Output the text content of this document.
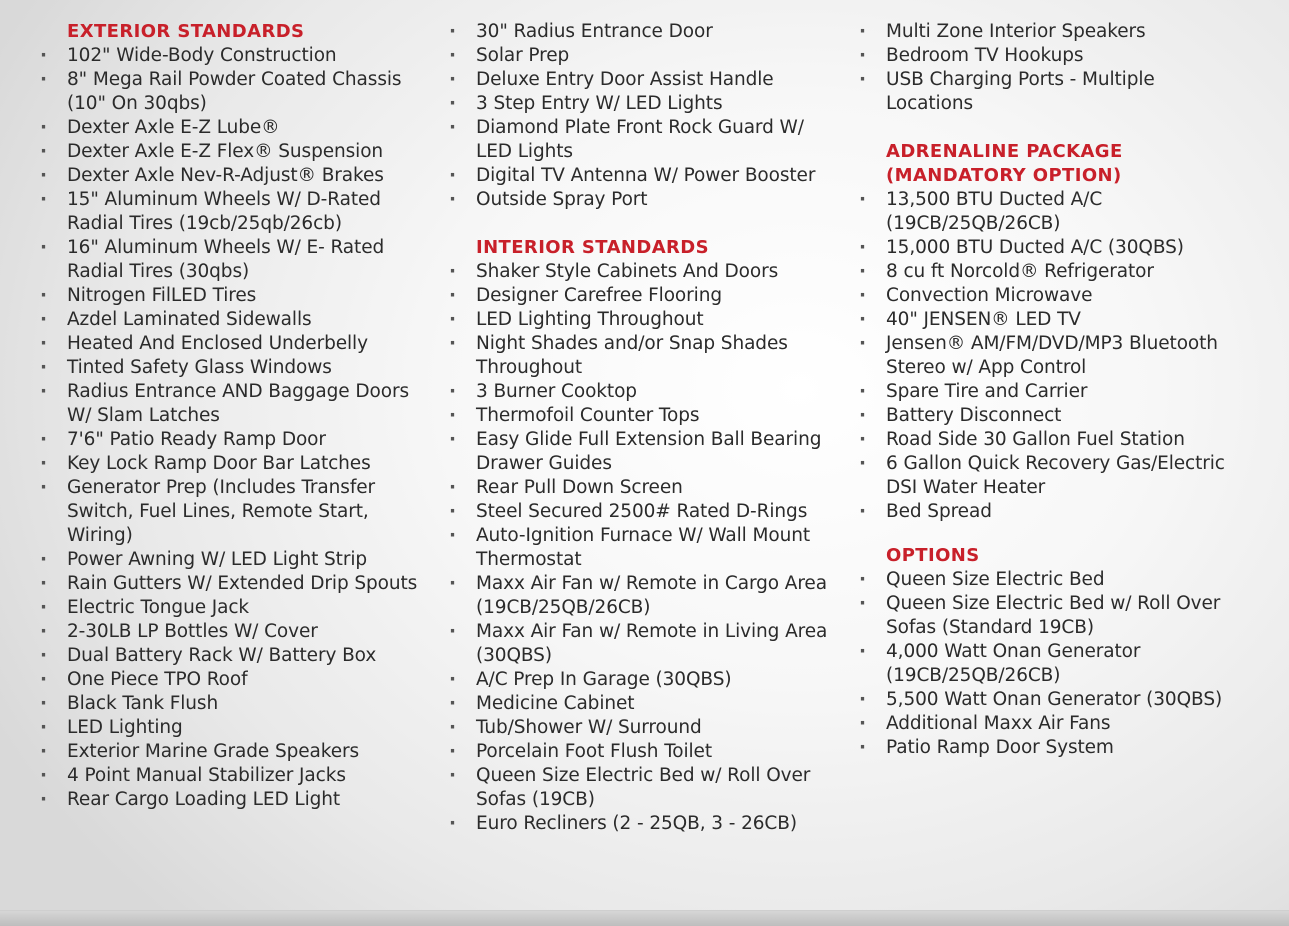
EXTERIOR STANDARDS
· 102" Wide-Body Construction
· 8" Mega Rail Powder Coated Chassis
(10" On 30qbs)
· Dexter Axle E-Z Lube®
· Dexter Axle E-Z Flex® Suspension
· Dexter Axle Nev-R-Adjust® Brakes
· 15" Aluminum Wheels W/ D-Rated
Radial Tires (19cb/25qb/26cb)
· 16" Aluminum Wheels W/ E- Rated
Radial Tires (30qbs)
· Nitrogen FilLED Tires
· Azdel Laminated Sidewalls
· Heated And Enclosed Underbelly
· Tinted Safety Glass Windows
· Radius Entrance AND Baggage Doors
W/ Slam Latches
· 7'6" Patio Ready Ramp Door
· Key Lock Ramp Door Bar Latches
· Generator Prep (Includes Transfer
Switch, Fuel Lines, Remote Start,
Wiring)
· Power Awning W/ LED Light Strip
· Rain Gutters W/ Extended Drip Spouts
· Electric Tongue Jack
· 2-30LB LP Bottles W/ Cover
· Dual Battery Rack W/ Battery Box
· One Piece TPO Roof
· Black Tank Flush
· LED Lighting
· Exterior Marine Grade Speakers
· 4 Point Manual Stabilizer Jacks
· Rear Cargo Loading LED Light
· 30" Radius Entrance Door
· Solar Prep
· Deluxe Entry Door Assist Handle
· 3 Step Entry W/ LED Lights
· Diamond Plate Front Rock Guard W/
LED Lights
· Digital TV Antenna W/ Power Booster
· Outside Spray Port
INTERIOR STANDARDS
· Shaker Style Cabinets And Doors
· Designer Carefree Flooring
· LED Lighting Throughout
· Night Shades and/or Snap Shades
Throughout
· 3 Burner Cooktop
· Thermofoil Counter Tops
· Easy Glide Full Extension Ball Bearing
Drawer Guides
· Rear Pull Down Screen
· Steel Secured 2500# Rated D-Rings
· Auto-Ignition Furnace W/ Wall Mount
Thermostat
· Maxx Air Fan w/ Remote in Cargo Area
(19CB/25QB/26CB)
· Maxx Air Fan w/ Remote in Living Area
(30QBS)
· A/C Prep In Garage (30QBS)
· Medicine Cabinet
· Tub/Shower W/ Surround
· Porcelain Foot Flush Toilet
· Queen Size Electric Bed w/ Roll Over
Sofas (19CB)
· Euro Recliners (2 - 25QB, 3 - 26CB)
· Multi Zone Interior Speakers
· Bedroom TV Hookups
· USB Charging Ports - Multiple
Locations
ADRENALINE PACKAGE
(MANDATORY OPTION)
· 13,500 BTU Ducted A/C
(19CB/25QB/26CB)
· 15,000 BTU Ducted A/C (30QBS)
· 8 cu ft Norcold® Refrigerator
· Convection Microwave
· 40" JENSEN® LED TV
· Jensen® AM/FM/DVD/MP3 Bluetooth
Stereo w/ App Control
· Spare Tire and Carrier
· Battery Disconnect
· Road Side 30 Gallon Fuel Station
· 6 Gallon Quick Recovery Gas/Electric
DSI Water Heater
· Bed Spread
OPTIONS
· Queen Size Electric Bed
· Queen Size Electric Bed w/ Roll Over
Sofas (Standard 19CB)
· 4,000 Watt Onan Generator
(19CB/25QB/26CB)
· 5,500 Watt Onan Generator (30QBS)
· Additional Maxx Air Fans
· Patio Ramp Door System
